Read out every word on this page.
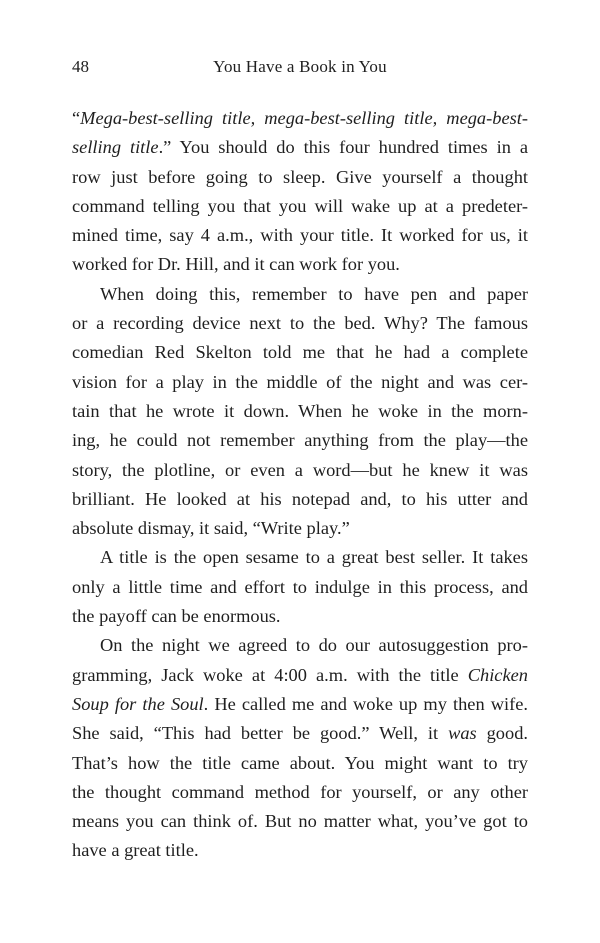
48	You Have a Book in You

“Mega-best-selling title, mega-best-selling title, mega-best-
selling title.” You should do this four hundred times in a
row just before going to sleep. Give yourself a thought
command telling you that you will wake up at a predeter-
mined time, say 4 a.m., with your title. It worked for us, it
worked for Dr. Hill, and it can work for you.

When doing this, remember to have pen and paper
or a recording device next to the bed. Why? The famous
comedian Red Skelton told me that he had a complete
vision for a play in the middle of the night and was cer-
tain that he wrote it down. When he woke in the morn-
ing, he could not remember anything from the play—the
story, the plotline, or even a word—but he knew it was
brilliant. He looked at his notepad and, to his utter and
absolute dismay, it said, “Write play.”

A title is the open sesame to a great best seller. It takes
only a little time and effort to indulge in this process, and
the payoff can be enormous.

On the night we agreed to do our autosuggestion pro-
gramming, Jack woke at 4:00 a.m. with the title Chicken
Soup for the Soul. He called me and woke up my then wife.
She said, “This had better be good.” Well, it was good.
That’s how the title came about. You might want to try
the thought command method for yourself, or any other
means you can think of. But no matter what, you’ve got to
have a great title.
